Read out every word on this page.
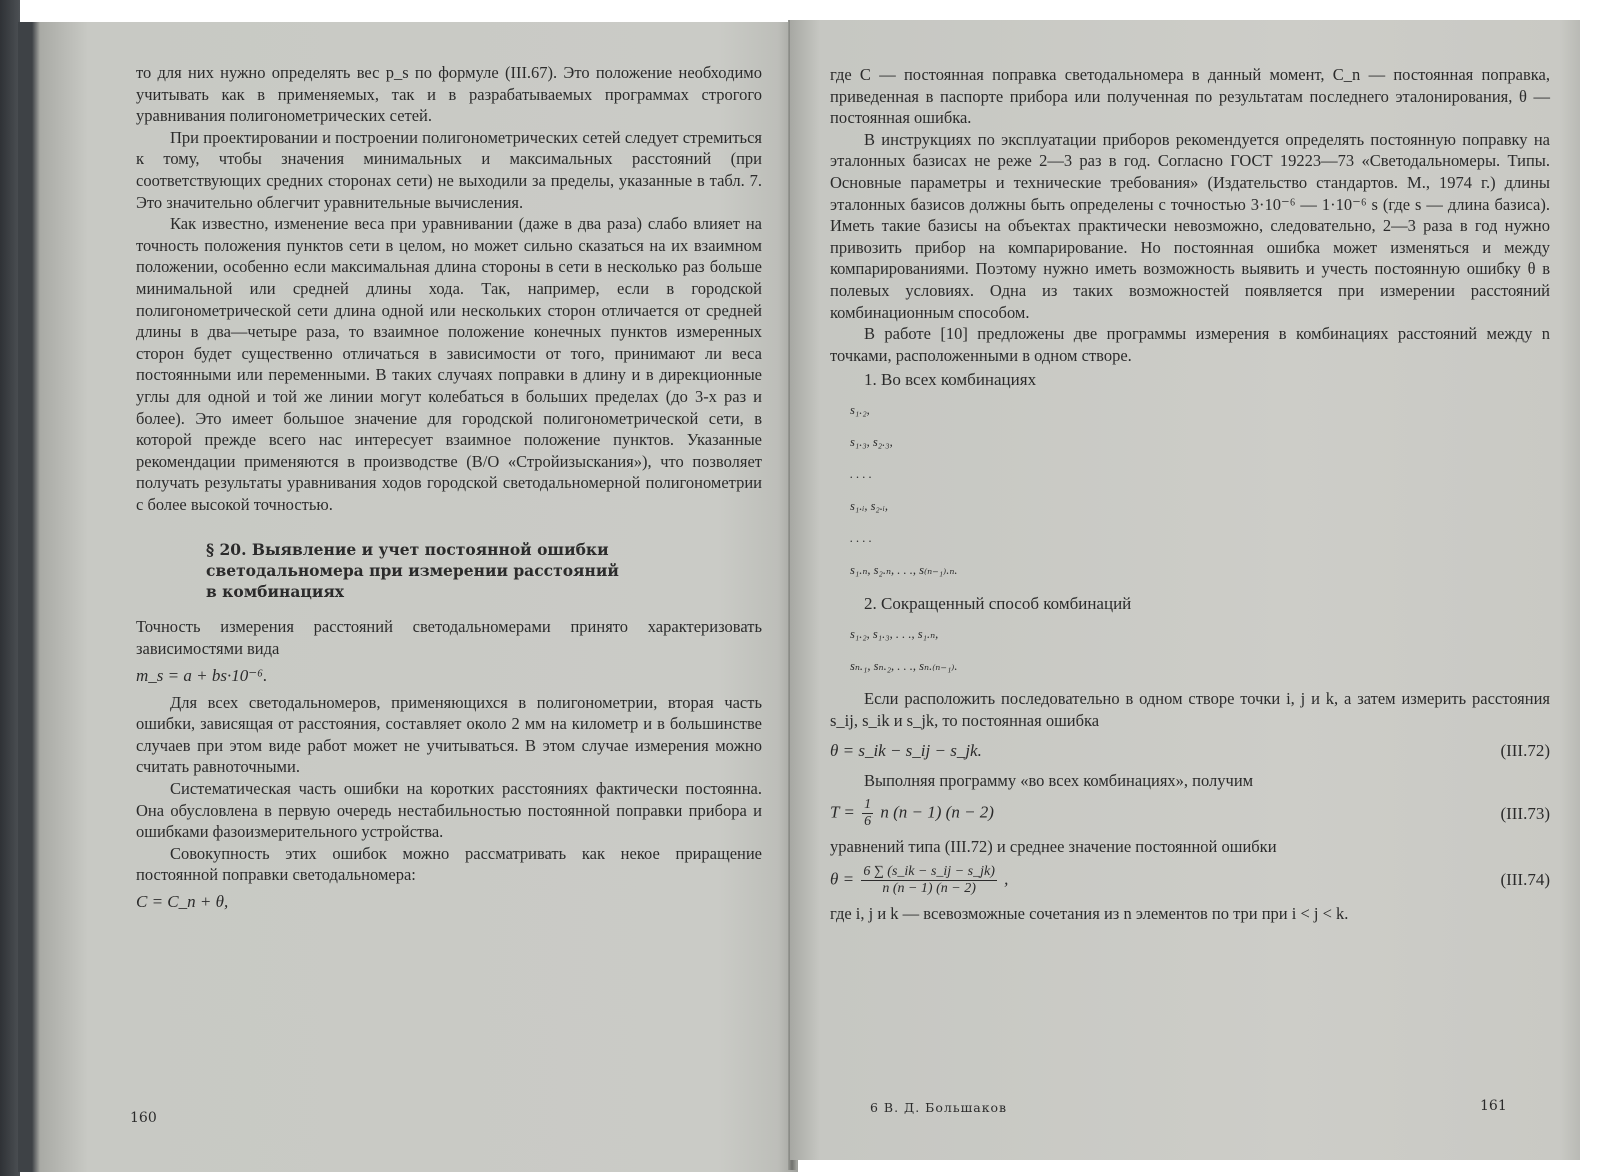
то для них нужно определять вес p_s по формуле (III.67). Это положение необходимо учитывать как в применяемых, так и в разрабатываемых программах строгого уравнивания полигонометрических сетей.

При проектировании и построении полигонометрических сетей следует стремиться к тому, чтобы значения минимальных и максимальных расстояний (при соответствующих средних сторонах сети) не выходили за пределы, указанные в табл. 7. Это значительно облегчит уравнительные вычисления.

Как известно, изменение веса при уравнивании (даже в два раза) слабо влияет на точность положения пунктов сети в целом, но может сильно сказаться на их взаимном положении, особенно если максимальная длина стороны в сети в несколько раз больше минимальной или средней длины хода. Так, например, если в городской полигонометрической сети длина одной или нескольких сторон отличается от средней длины в два—четыре раза, то взаимное положение конечных пунктов измеренных сторон будет существенно отличаться в зависимости от того, принимают ли веса постоянными или переменными. В таких случаях поправки в длину и в дирекционные углы для одной и той же линии могут колебаться в больших пределах (до 3-х раз и более). Это имеет большое значение для городской полигонометрической сети, в которой прежде всего нас интересует взаимное положение пунктов. Указанные рекомендации применяются в производстве (В/О «Стройизыскания»), что позволяет получать результаты уравнивания ходов городской светодальномерной полигонометрии с более высокой точностью.

§ 20. Выявление и учет постоянной ошибки
светодальномера при измерении расстояний
в комбинациях

Точность измерения расстояний светодальномерами принято характеризовать зависимостями вида

m_s = a + bs·10⁻⁶.

Для всех светодальномеров, применяющихся в полигонометрии, вторая часть ошибки, зависящая от расстояния, составляет около 2 мм на километр и в большинстве случаев при этом виде работ может не учитываться. В этом случае измерения можно считать равноточными.

Систематическая часть ошибки на коротких расстояниях фактически постоянна. Она обусловлена в первую очередь нестабильностью постоянной поправки прибора и ошибками фазоизмерительного устройства.

Совокупность этих ошибок можно рассматривать как некое приращение постоянной поправки светодальномера:

C = C_n + θ,

где C — постоянная поправка светодальномера в данный момент, C_n — постоянная поправка, приведенная в паспорте прибора или полученная по результатам последнего эталонирования, θ — постоянная ошибка.

В инструкциях по эксплуатации приборов рекомендуется определять постоянную поправку на эталонных базисах не реже 2—3 раз в год. Согласно ГОСТ 19223—73 «Светодальномеры. Типы. Основные параметры и технические требования» (Издательство стандартов. М., 1974 г.) длины эталонных базисов должны быть определены с точностью 3·10⁻⁶ — 1·10⁻⁶ s (где s — длина базиса). Иметь такие базисы на объектах практически невозможно, следовательно, 2—3 раза в год нужно привозить прибор на компарирование. Но постоянная ошибка может изменяться и между компарированиями. Поэтому нужно иметь возможность выявить и учесть постоянную ошибку θ в полевых условиях. Одна из таких возможностей появляется при измерении расстояний комбинационным способом.

В работе [10] предложены две программы измерения в комбинациях расстояний между n точками, расположенными в одном створе.

1. Во всех комбинациях
s₁.₂,
s₁.₃, s₂.₃,
. . . .
s₁.ᵢ, s₂.ᵢ,
. . . .
s₁.ₙ, s₂.ₙ, . . ., s₍ₙ₋₁₎.ₙ.
2. Сокращенный способ комбинаций
s₁.₂, s₁.₃, . . ., s₁.ₙ,
sₙ.₁, sₙ.₂, . . ., sₙ.₍ₙ₋₁₎.

Если расположить последовательно в одном створе точки i, j и k, а затем измерить расстояния s_ij, s_ik и s_jk, то постоянная ошибка

θ = s_ik − s_ij − s_jk.	(III.72)

Выполняя программу «во всех комбинациях», получим

$T = \frac{1}{6}$ n (n − 1) (n − 2)	(III.73)

уравнений типа (III.72) и среднее значение постоянной ошибки

$\theta = \frac{6 \sum (s\_ik - s\_ij - s\_jk)}{n (n - 1) (n - 2)}$ ,	(III.74)

где i, j и k — всевозможные сочетания из n элементов по три при i < j < k.

160
6 В. Д. Большаков	161
